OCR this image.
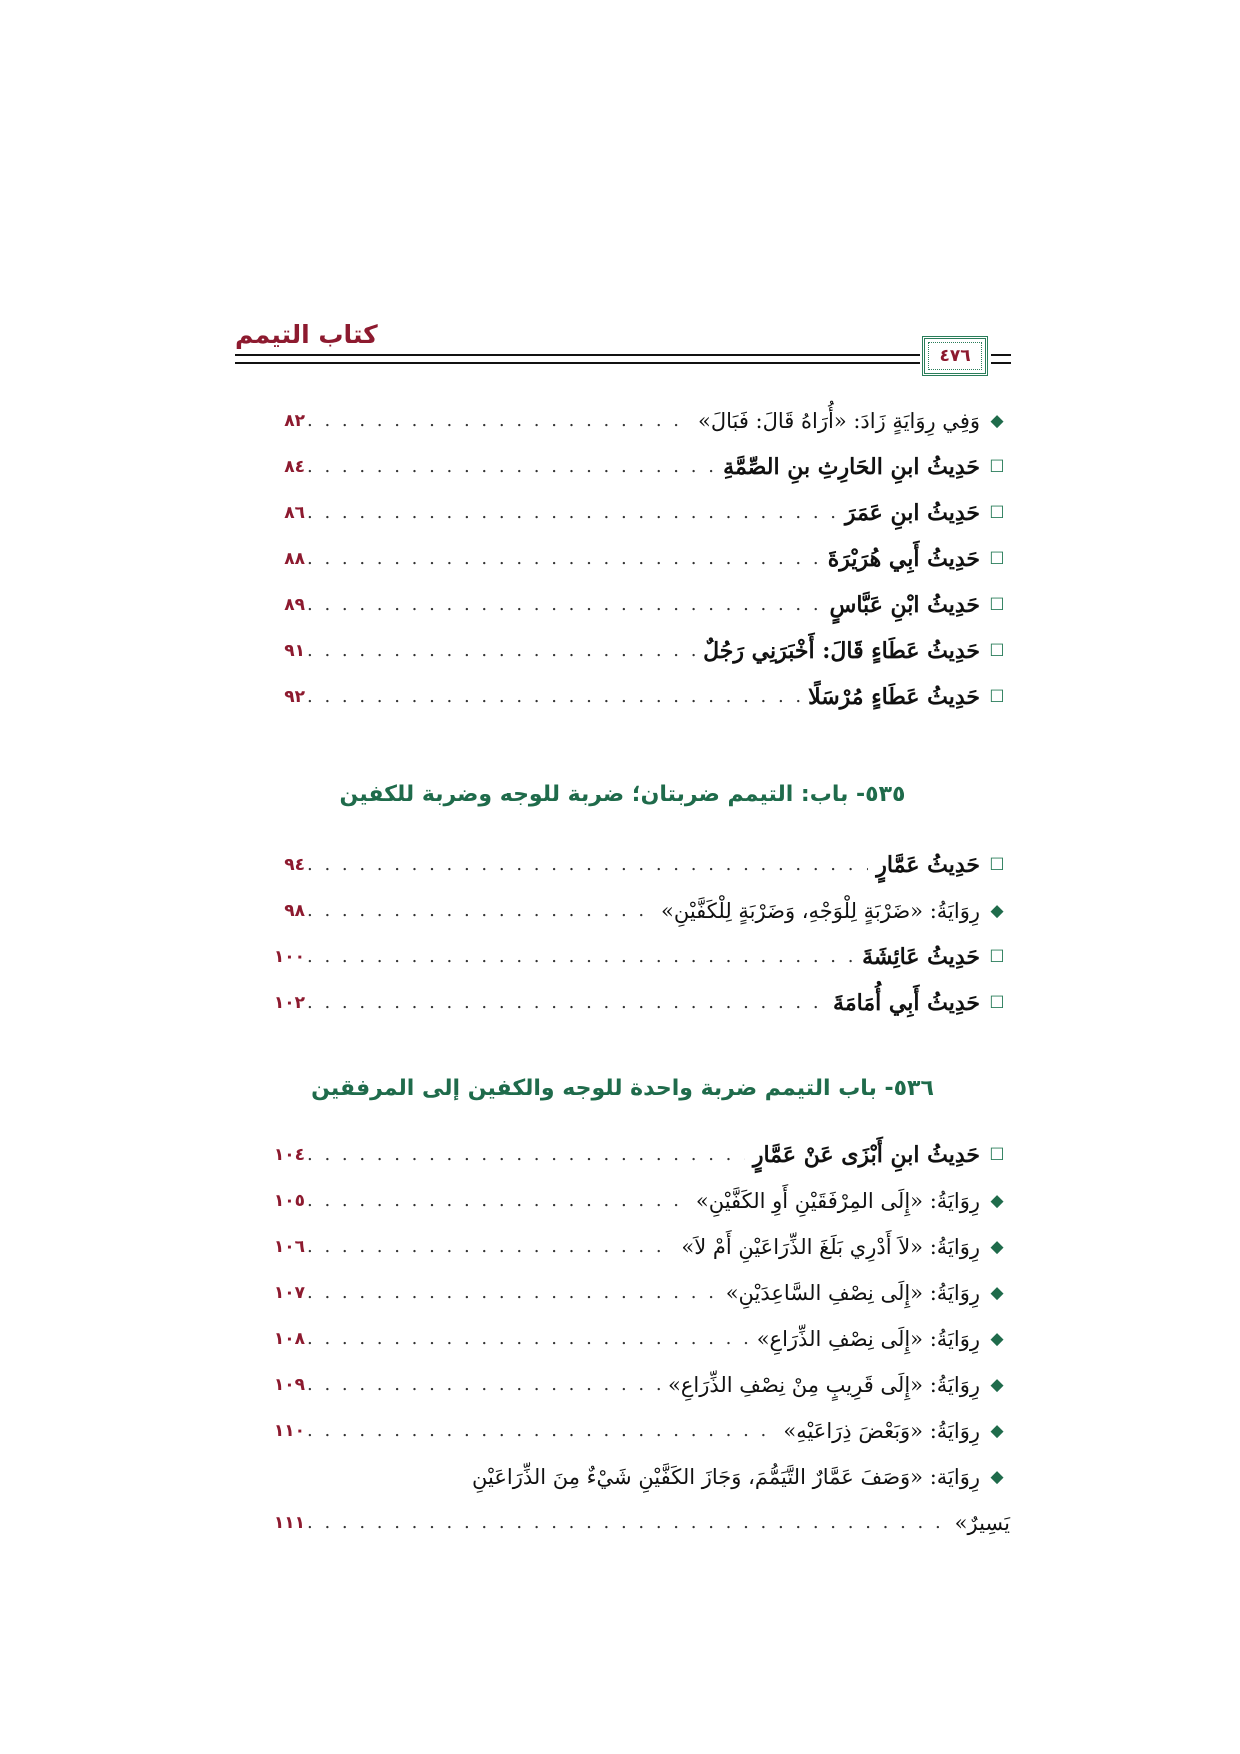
كتاب التيمم
٤٧٦
◆
وَفِي رِوَايَةٍ زَادَ: «أُرَاهُ قَالَ: فَبَالَ»
. . .
٨٢
☐
حَدِيثُ ابنِ الحَارِثِ بنِ الصِّمَّةِ
. . .
٨٤
☐
حَدِيثُ ابنِ عَمَرَ
. . .
٨٦
☐
حَدِيثُ أَبِي هُرَيْرَةَ
. . .
٨٨
☐
حَدِيثُ ابْنِ عَبَّاسٍ
. . .
٨٩
☐
حَدِيثُ عَطَاءٍ قَالَ: أَخْبَرَنِي رَجُلٌ
. . .
٩١
☐
حَدِيثُ عَطَاءٍ مُرْسَلًا
. . .
٩٢
٥٣٥- باب: التيمم ضربتان؛ ضربة للوجه وضربة للكفين
☐
حَدِيثُ عَمَّارٍ
. . .
٩٤
◆
رِوَايَةُ: «ضَرْبَةٍ لِلْوَجْهِ، وَضَرْبَةٍ لِلْكَفَّيْنِ»
. . .
٩٨
☐
حَدِيثُ عَائِشَةَ
. . .
١٠٠
☐
حَدِيثُ أَبِي أُمَامَةَ
. . .
١٠٢
٥٣٦- باب التيمم ضربة واحدة للوجه والكفين إلى المرفقين
☐
حَدِيثُ ابنِ أَبْزَى عَنْ عَمَّارٍ
. . .
١٠٤
◆
رِوَايَةُ: «إِلَى المِرْفَقَيْنِ أَوِ الكَفَّيْنِ»
. . .
١٠٥
◆
رِوَايَةُ: «لاَ أَدْرِي بَلَغَ الذِّرَاعَيْنِ أَمْ لاَ»
. . .
١٠٦
◆
رِوَايَةُ: «إِلَى نِصْفِ السَّاعِدَيْنِ»
. . .
١٠٧
◆
رِوَايَةُ: «إِلَى نِصْفِ الذِّرَاعِ»
. . .
١٠٨
◆
رِوَايَةُ: «إِلَى قَرِيبٍ مِنْ نِصْفِ الذِّرَاعِ»
. . .
١٠٩
◆
رِوَايَةُ: «وَبَعْضَ ذِرَاعَيْهِ»
. . .
١١٠
◆
رِوَايَة: «وَصَفَ عَمَّارٌ التَّيَمُّمَ، وَجَازَ الكَفَّيْنِ شَيْءٌ مِنَ الذِّرَاعَيْنِ
يَسِيرٌ»
. . .
١١١
